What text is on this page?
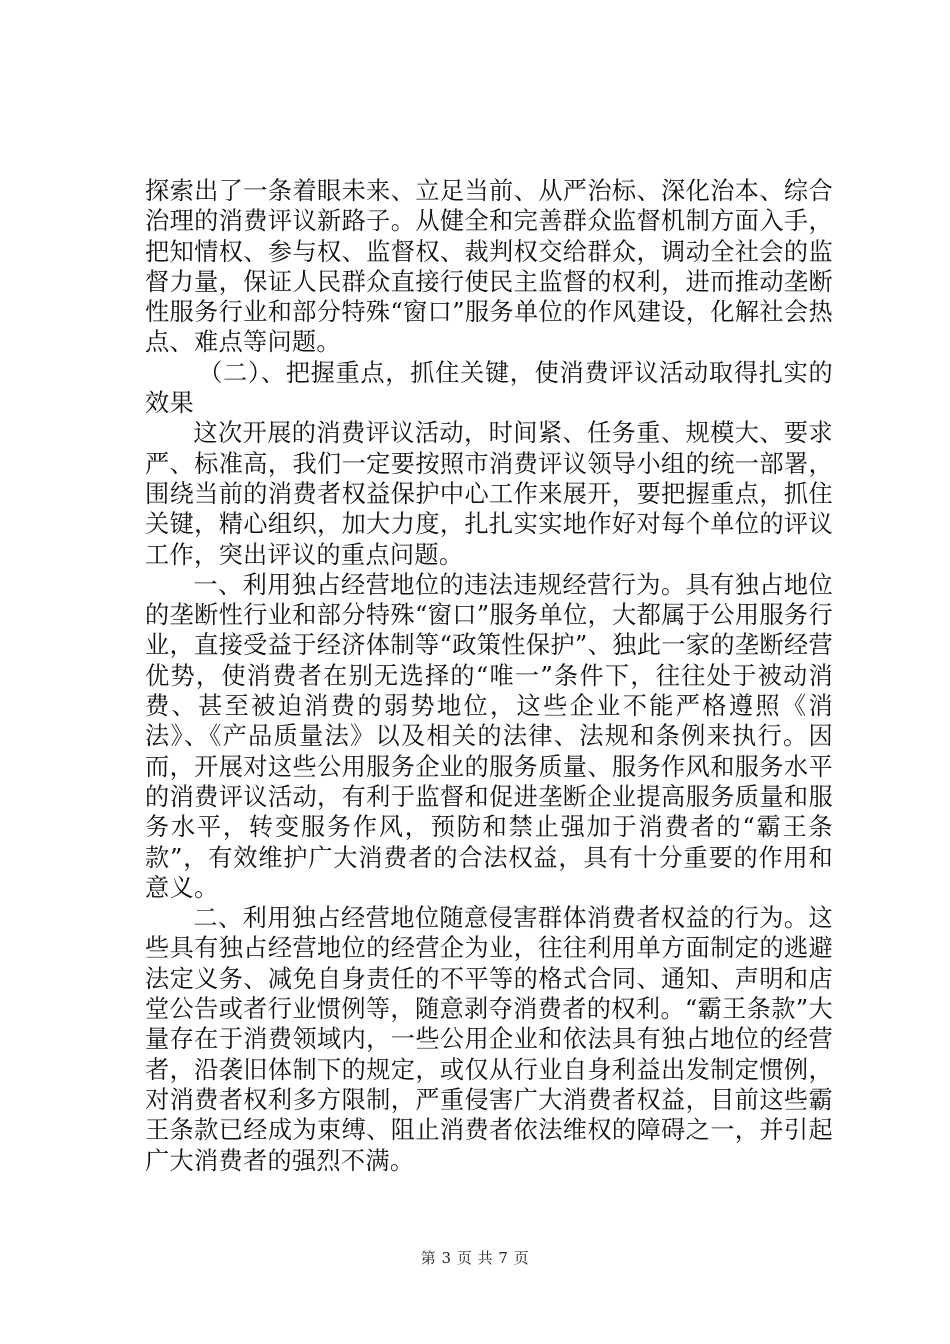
探索出了一条着眼未来、立足当前、从严治标、深化治本、综合治理的消费评议新路子。从健全和完善群众监督机制方面入手，把知情权、参与权、监督权、裁判权交给群众，调动全社会的监督力量，保证人民群众直接行使民主监督的权利，进而推动垄断性服务行业和部分特殊“窗口”服务单位的作风建设，化解社会热点、难点等问题。

（二）、把握重点，抓住关键，使消费评议活动取得扎实的效果

这次开展的消费评议活动，时间紧、任务重、规模大、要求严、标准高，我们一定要按照市消费评议领导小组的统一部署，围绕当前的消费者权益保护中心工作来展开，要把握重点，抓住关键，精心组织，加大力度，扎扎实实地作好对每个单位的评议工作，突出评议的重点问题。

一、利用独占经营地位的违法违规经营行为。具有独占地位的垄断性行业和部分特殊“窗口”服务单位，大都属于公用服务行业，直接受益于经济体制等“政策性保护”、独此一家的垄断经营优势，使消费者在别无选择的“唯一”条件下，往往处于被动消费、甚至被迫消费的弱势地位，这些企业不能严格遵照《消法》、《产品质量法》以及相关的法律、法规和条例来执行。因而，开展对这些公用服务企业的服务质量、服务作风和服务水平的消费评议活动，有利于监督和促进垄断企业提高服务质量和服务水平，转变服务作风，预防和禁止强加于消费者的“霸王条款”，有效维护广大消费者的合法权益，具有十分重要的作用和意义。

二、利用独占经营地位随意侵害群体消费者权益的行为。这些具有独占经营地位的经营企为业，往往利用单方面制定的逃避法定义务、减免自身责任的不平等的格式合同、通知、声明和店堂公告或者行业惯例等，随意剥夺消费者的权利。“霸王条款”大量存在于消费领域内，一些公用企业和依法具有独占地位的经营者，沿袭旧体制下的规定，或仅从行业自身利益出发制定惯例，对消费者权利多方限制，严重侵害广大消费者权益，目前这些霸王条款已经成为束缚、阻止消费者依法维权的障碍之一，并引起广大消费者的强烈不满。

第 3 页 共 7 页
